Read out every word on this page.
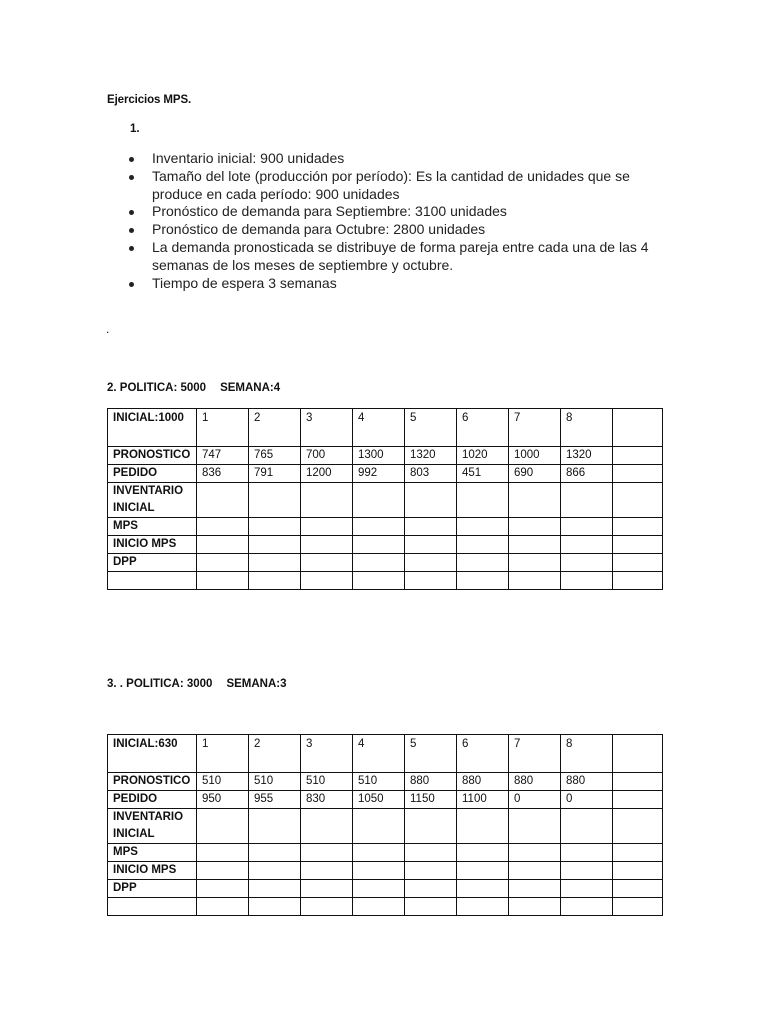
Ejercicios MPS.
1.
Inventario inicial: 900 unidades
Tamaño del lote (producción por período): Es la cantidad de unidades que se produce en cada período: 900 unidades
Pronóstico de demanda para Septiembre: 3100 unidades
Pronóstico de demanda para Octubre: 2800 unidades
La demanda pronosticada se distribuye de forma pareja entre cada una de las 4 semanas de los meses de septiembre y octubre.
Tiempo de espera 3 semanas
.
2. POLITICA: 5000 SEMANA:4
INICIAL:1000	1	2	3	4	5	6	7	8	
PRONOSTICO	747	765	700	1300	1320	1020	1000	1320	
PEDIDO	836	791	1200	992	803	451	690	866	
INVENTARIO INICIAL									
MPS									
INICIO MPS									
DPP									

3. . POLITICA: 3000 SEMANA:3
INICIAL:630	1	2	3	4	5	6	7	8	
PRONOSTICO	510	510	510	510	880	880	880	880	
PEDIDO	950	955	830	1050	1150	1100	0	0	
INVENTARIO INICIAL									
MPS									
INICIO MPS									
DPP									
